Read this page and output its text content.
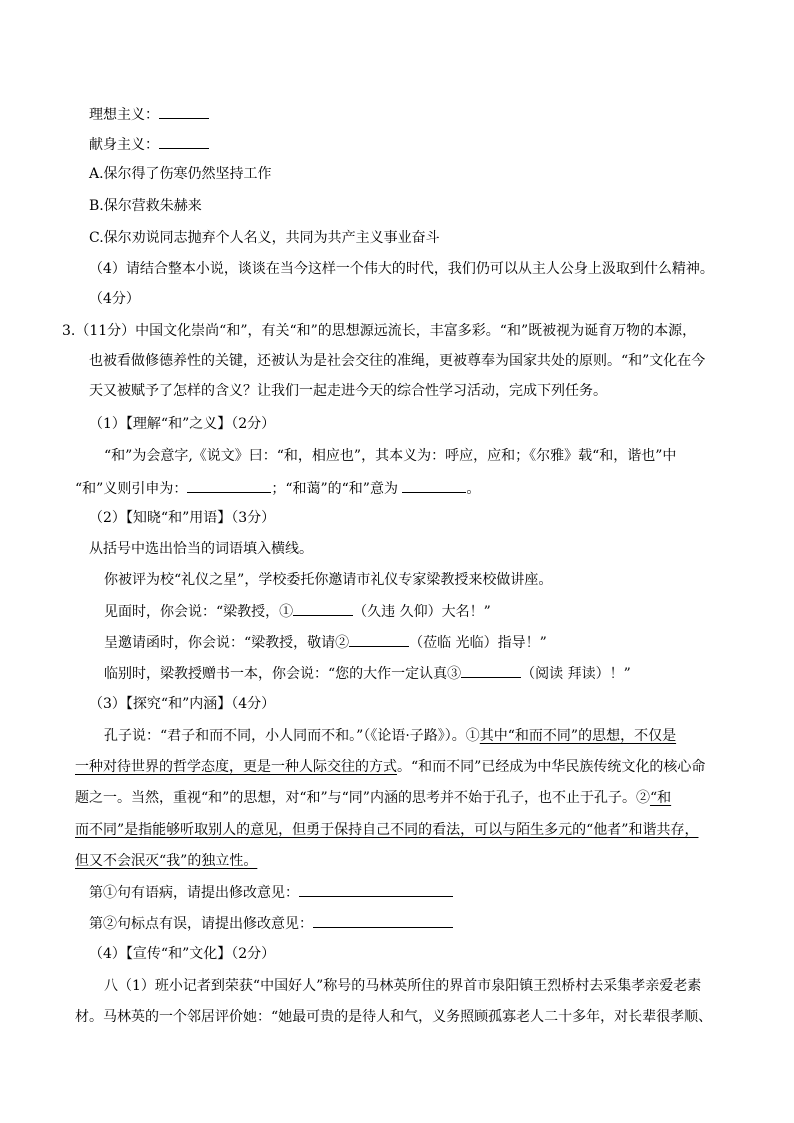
理想主义：
献身主义：
A.保尔得了伤寒仍然坚持工作
B.保尔营救朱赫来
C.保尔劝说同志抛弃个人名义，共同为共产主义事业奋斗
（4）请结合整本小说，谈谈在当今这样一个伟大的时代，我们仍可以从主人公身上汲取到什么精神。
（4分）
3.（11分）中国文化崇尚“和”，有关“和”的思想源远流长，丰富多彩。“和”既被视为诞育万物的本源，
也被看做修德养性的关键，还被认为是社会交往的准绳，更被尊奉为国家共处的原则。“和”文化在今
天又被赋予了怎样的含义？让我们一起走进今天的综合性学习活动，完成下列任务。
（1）【理解“和”之义】（2分）
“和”为会意字,《说文》曰：“和，相应也”，其本义为：呼应，应和；《尔雅》载“和，谐也”中
“和”义则引申为：	；“和蔼”的“和”意为	。
（2）【知晓“和”用语】（3分）
从括号中选出恰当的词语填入横线。
你被评为校“礼仪之星”，学校委托你邀请市礼仪专家梁教授来校做讲座。
见面时，你会说：“梁教授，①	（久违 久仰）大名！”
呈邀请函时，你会说：“梁教授，敬请②	（莅临 光临）指导！”
临别时，梁教授赠书一本，你会说：“您的大作一定认真③	（阅读 拜读）！”
（3）【探究“和”内涵】（4分）
孔子说：“君子和而不同，小人同而不和。”（《论语·子路》）。①其中“和而不同”的思想，不仅是
一种对待世界的哲学态度，更是一种人际交往的方式。“和而不同”已经成为中华民族传统文化的核心命
题之一。当然，重视“和”的思想，对“和”与“同”内涵的思考并不始于孔子，也不止于孔子。②“和
而不同”是指能够听取别人的意见，但勇于保持自己不同的看法，可以与陌生多元的“他者”和谐共存，
但又不会泯灭“我”的独立性。
第①句有语病，请提出修改意见：
第②句标点有误，请提出修改意见：
（4）【宣传“和”文化】（2分）
八（1）班小记者到荣获“中国好人”称号的马林英所住的界首市泉阳镇王烈桥村去采集孝亲爱老素
材。马林英的一个邻居评价她：“她最可贵的是待人和气，义务照顾孤寡老人二十多年，对长辈很孝顺、
